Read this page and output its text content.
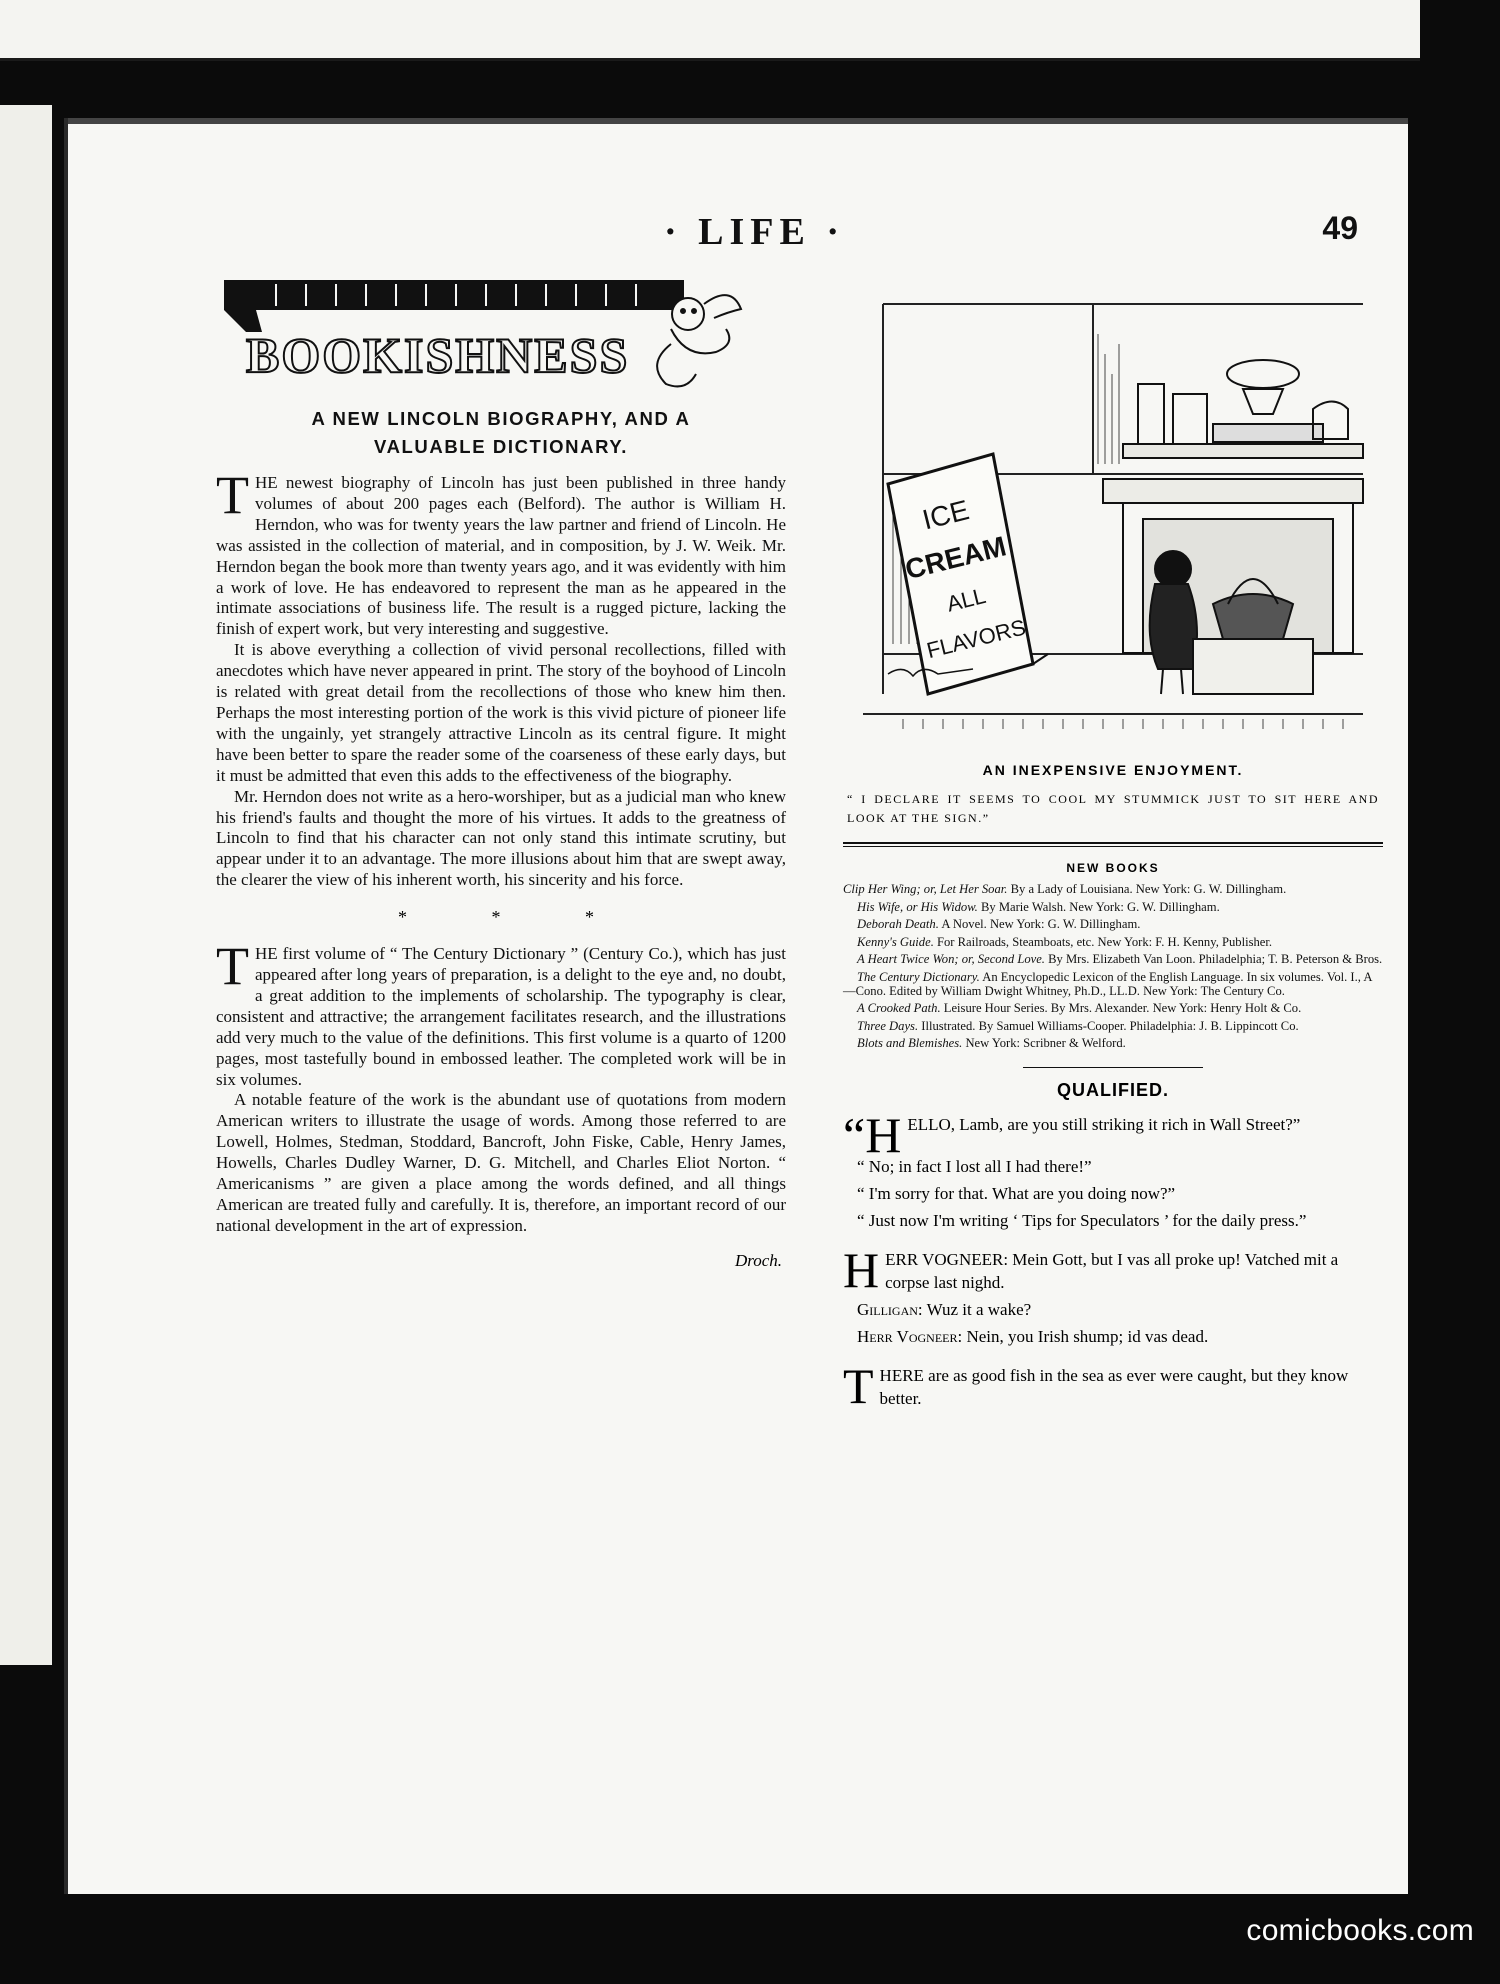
· LIFE ·	49
BOOKISHNESS
A NEW LINCOLN BIOGRAPHY, AND A
VALUABLE DICTIONARY.

THE newest biography of Lincoln has just been published in three handy volumes of about 200 pages each (Belford). The author is William H. Herndon, who was for twenty years the law partner and friend of Lincoln. He was assisted in the collection of material, and in composition, by J. W. Weik. Mr. Herndon began the book more than twenty years ago, and it was evidently with him a work of love. He has endeavored to represent the man as he appeared in the intimate associations of business life. The result is a rugged picture, lacking the finish of expert work, but very interesting and suggestive.

It is above everything a collection of vivid personal recollections, filled with anecdotes which have never appeared in print. The story of the boyhood of Lincoln is related with great detail from the recollections of those who knew him then. Perhaps the most interesting portion of the work is this vivid picture of pioneer life with the ungainly, yet strangely attractive Lincoln as its central figure. It might have been better to spare the reader some of the coarseness of these early days, but it must be admitted that even this adds to the effectiveness of the biography.

Mr. Herndon does not write as a hero-worshiper, but as a judicial man who knew his friend's faults and thought the more of his virtues. It adds to the greatness of Lincoln to find that his character can not only stand this intimate scrutiny, but appear under it to an advantage. The more illusions about him that are swept away, the clearer the view of his inherent worth, his sincerity and his force.

* * *

THE first volume of “ The Century Dictionary ” (Century Co.), which has just appeared after long years of preparation, is a delight to the eye and, no doubt, a great addition to the implements of scholarship. The typography is clear, consistent and attractive; the arrangement facilitates research, and the illustrations add very much to the value of the definitions. This first volume is a quarto of 1200 pages, most tastefully bound in embossed leather. The completed work will be in six volumes.

A notable feature of the work is the abundant use of quotations from modern American writers to illustrate the usage of words. Among those referred to are Lowell, Holmes, Stedman, Stoddard, Bancroft, John Fiske, Cable, Henry James, Howells, Charles Dudley Warner, D. G. Mitchell, and Charles Eliot Norton. “ Americanisms ” are given a place among the words defined, and all things American are treated fully and carefully. It is, therefore, an important record of our national development in the art of expression.

Droch.
ICE
CREAM
ALL
FLAVORS
AN INEXPENSIVE ENJOYMENT.

“ I DECLARE IT SEEMS TO COOL MY STUMMICK JUST TO SIT HERE AND LOOK AT THE SIGN.”

NEW BOOKS

Clip Her Wing; or, Let Her Soar. By a Lady of Louisiana. New York: G. W. Dillingham.

His Wife, or His Widow. By Marie Walsh. New York: G. W. Dillingham.

Deborah Death. A Novel. New York: G. W. Dillingham.

Kenny's Guide. For Railroads, Steamboats, etc. New York: F. H. Kenny, Publisher.

A Heart Twice Won; or, Second Love. By Mrs. Elizabeth Van Loon. Philadelphia; T. B. Peterson & Bros.

The Century Dictionary. An Encyclopedic Lexicon of the English Language. In six volumes. Vol. I., A—Cono. Edited by William Dwight Whitney, Ph.D., LL.D. New York: The Century Co.

A Crooked Path. Leisure Hour Series. By Mrs. Alexander. New York: Henry Holt & Co.

Three Days. Illustrated. By Samuel Williams-Cooper. Philadelphia: J. B. Lippincott Co.

Blots and Blemishes. New York: Scribner & Welford.

QUALIFIED.

“H ELLO, Lamb, are you still striking it rich in Wall Street?”

“ No; in fact I lost all I had there!”

“ I'm sorry for that. What are you doing now?”

“ Just now I'm writing ‘ Tips for Speculators ’ for the daily press.”

HERR VOGNEER: Mein Gott, but I vas all proke up! Vatched mit a corpse last nighd.

Gilligan: Wuz it a wake?

Herr Vogneer: Nein, you Irish shump; id vas dead.

THERE are as good fish in the sea as ever were caught, but they know better.

comicbooks.com
